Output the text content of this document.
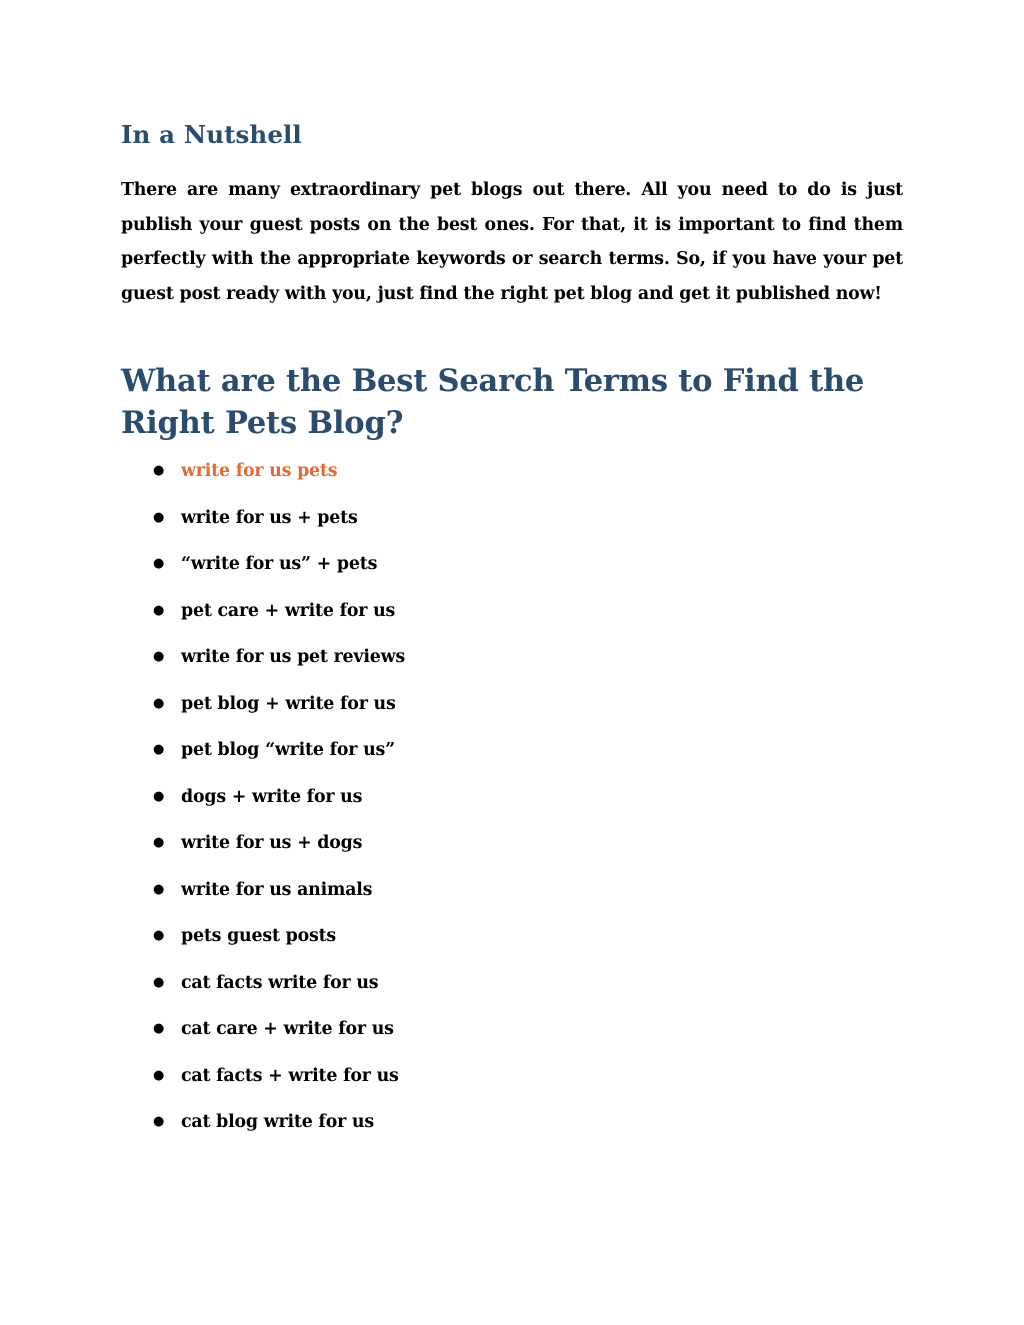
In a Nutshell

There are many extraordinary pet blogs out there. All you need to do is just publish your guest posts on the best ones. For that, it is important to find them perfectly with the appropriate keywords or search terms. So, if you have your pet guest post ready with you, just find the right pet blog and get it published now!

What are the Best Search Terms to Find the Right Pets Blog?
● write for us pets
● write for us + pets
● “write for us” + pets
● pet care + write for us
● write for us pet reviews
● pet blog + write for us
● pet blog “write for us”
● dogs + write for us
● write for us + dogs
● write for us animals
● pets guest posts
● cat facts write for us
● cat care + write for us
● cat facts + write for us
● cat blog write for us
